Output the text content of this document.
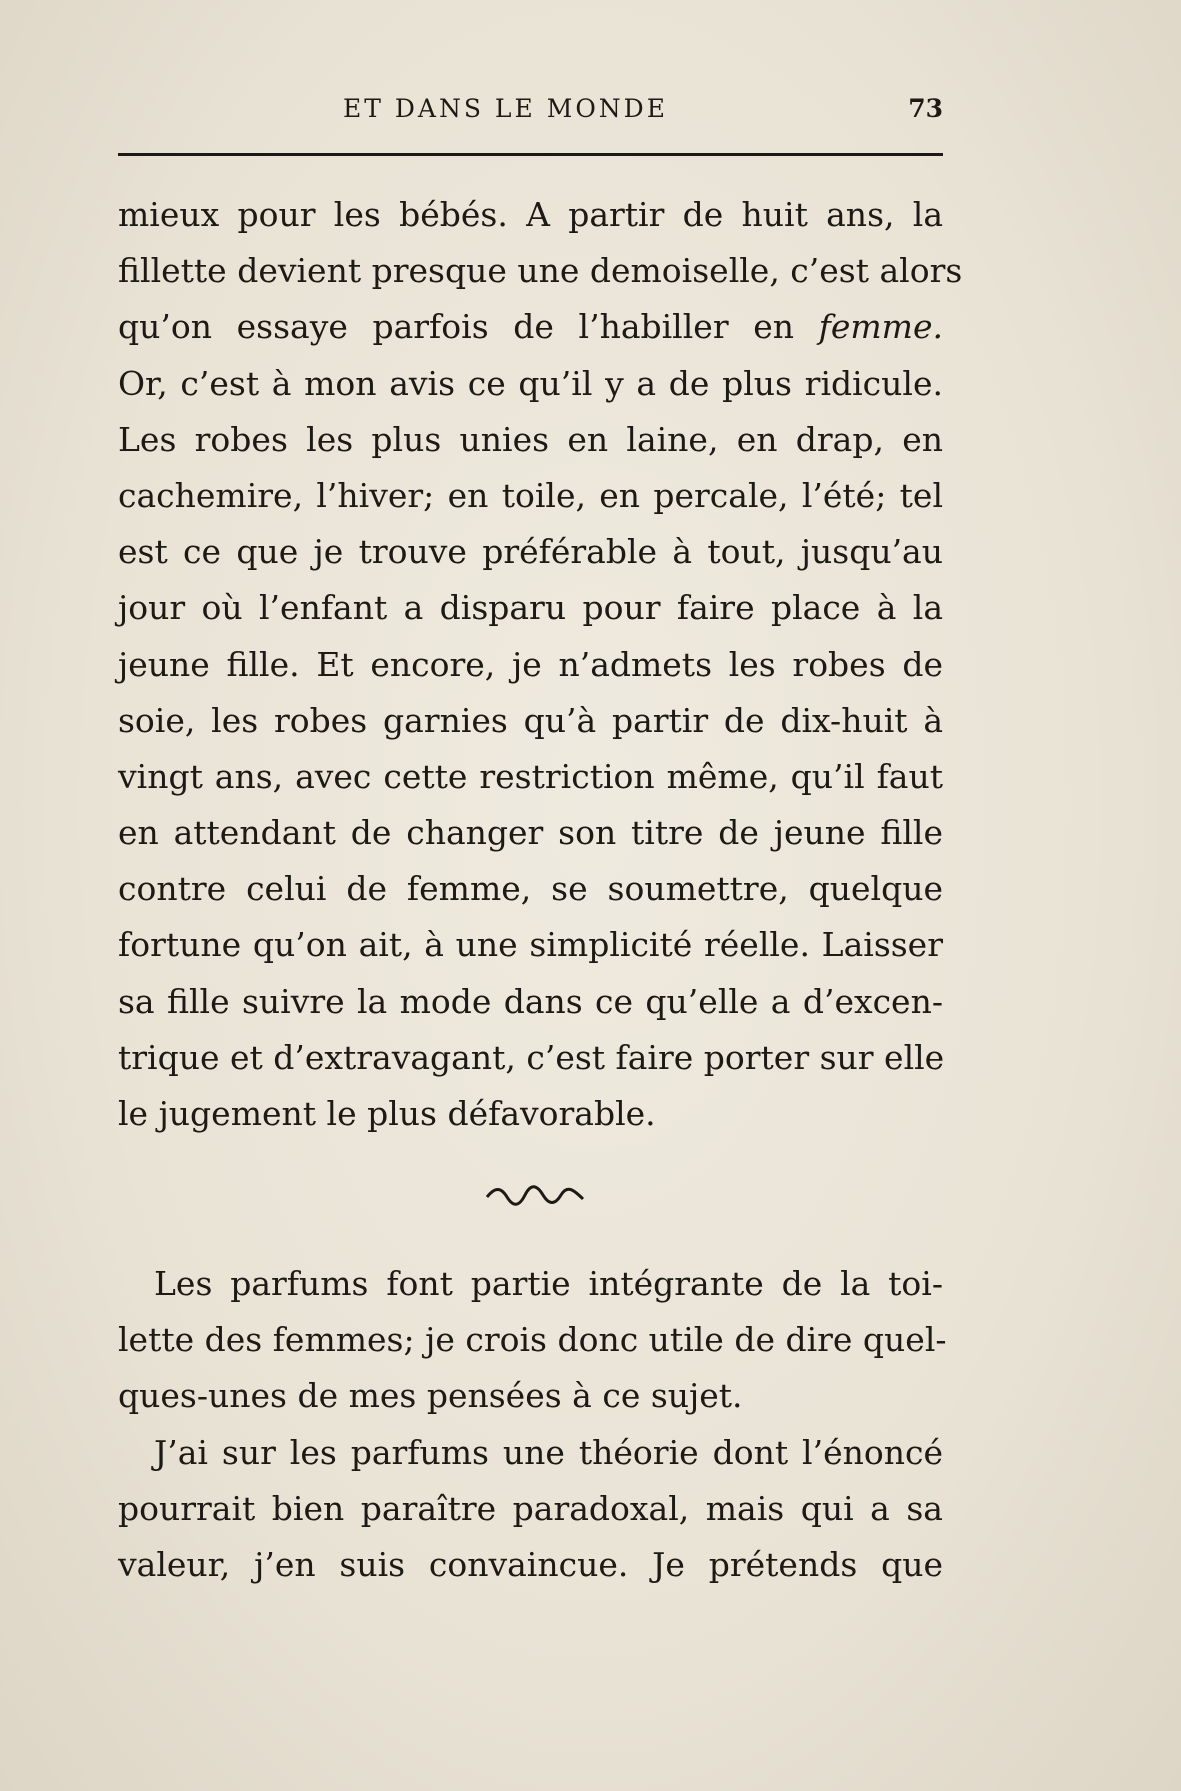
ET DANS LE MONDE	73
mieux pour les bébés. A partir de huit ans, la
fillette devient presque une demoiselle, c’est alors
qu’on essaye parfois de l’habiller en femme.
Or, c’est à mon avis ce qu’il y a de plus ridicule.
Les robes les plus unies en laine, en drap, en
cachemire, l’hiver; en toile, en percale, l’été; tel
est ce que je trouve préférable à tout, jusqu’au
jour où l’enfant a disparu pour faire place à la
jeune fille. Et encore, je n’admets les robes de
soie, les robes garnies qu’à partir de dix-huit à
vingt ans, avec cette restriction même, qu’il faut
en attendant de changer son titre de jeune fille
contre celui de femme, se soumettre, quelque
fortune qu’on ait, à une simplicité réelle. Laisser
sa fille suivre la mode dans ce qu’elle a d’excen-
trique et d’extravagant, c’est faire porter sur elle
le jugement le plus défavorable.
Les parfums font partie intégrante de la toi-
lette des femmes; je crois donc utile de dire quel-
ques-unes de mes pensées à ce sujet.
J’ai sur les parfums une théorie dont l’énoncé
pourrait bien paraître paradoxal, mais qui a sa
valeur, j’en suis convaincue. Je prétends que
